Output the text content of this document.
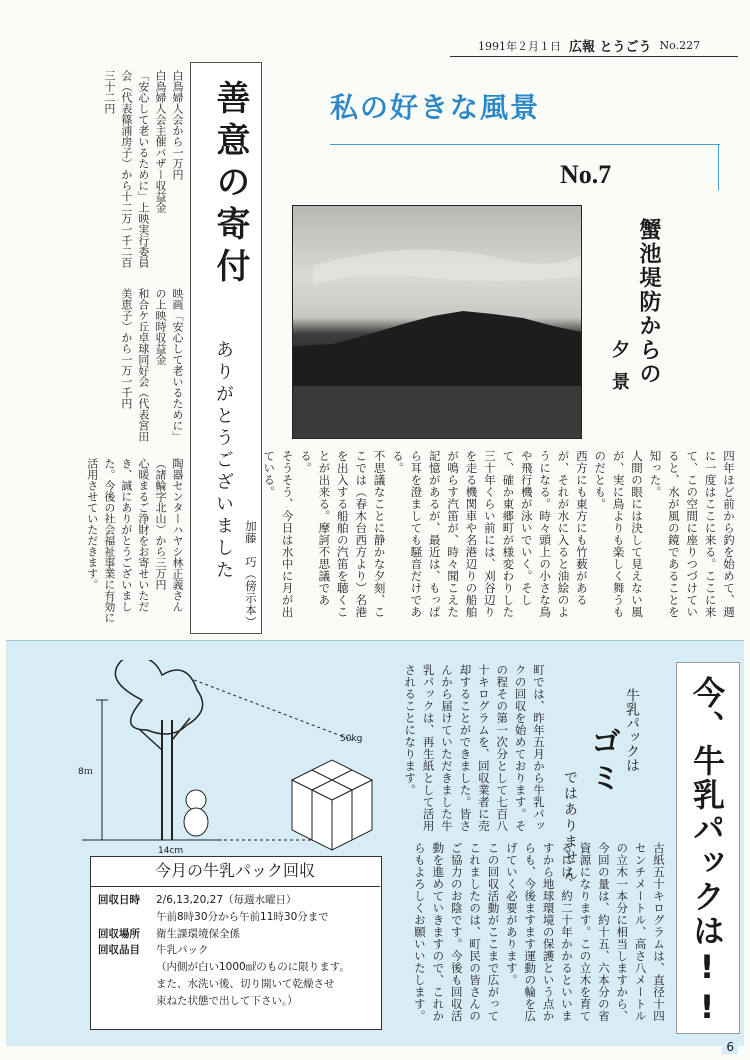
1991年２月１日 広報 とうごう No.227
善意の寄付
ありがとうございました
白鳥婦人会から一万円
白鳥婦人会主催バザー収益金
「安心して老いるために」上映実行委員会（代表篠浦房子）から十二万一千二百三十二円
映画「安心して老いるために」の上映時収益金
和合ケ丘卓球同好会（代表宮田美恵子）から一万一千円
陶器センターハヤシ林正義さん（諸輪字北山）から三万円
心暖まるご浄財をお寄せいただき、誠にありがとうございました。今後の社会福祉事業に有効に活用させていただきます。
私の好きな風景
No.7
蟹池堤防からの
夕景

四年ほど前から釣を始めて、週に一度はここに来る。ここに来て、この空間に座りつづけていると、水が風の鏡であることを知った。

人間の眼には決して見えない風が、実に鳥よりも楽しく舞うものだとも。

西方にも東方にも竹薮があるが、それが水に入ると油絵のようになる。時々頭上の小さな鳥や飛行機が泳いでいく。そして、確か東郷町が様変わりした三十年くらい前には、刈谷辺りを走る機関車や名港辺りの船舶が鳴らす汽笛が、時々聞こえた記憶があるが、最近は、もっぱら耳を澄ましても騒音だけである。

不思議なことに静かな夕刻、ここでは（春木台西方より）名港を出入する船舶の汽笛を聴くことが出来る。摩訶不思議である。

そうそう、今日は水中に月が出ている。

加藤　巧（傍示本）

50kg
8ｍ
14cm
今月の牛乳パック回収
回収日時 2/6,13,20,27（毎週水曜日）
午前8時30分から午前11時30分まで
回収場所 衛生課環境保全係
回収品目 牛乳パック
（内側が白い1000㎖のものに限ります。
また、水洗い後、切り開いて乾燥させ
束ねた状態で出して下さい。）
町では、昨年五月から牛乳パックの回収を始めております。その程その第一次分として七百八十キログラムを、回収業者に売却することができました。皆さんから届けていただきました牛乳パックは、再生紙として活用されることになります。	牛乳パックは
ゴミ
ではありません

古紙五十キログラムは、直径十四センチメートル、高さ八メートルの立木一本分に相当しますから、今回の量は、約十五、六本分の省資源になります。この立木を育てるには、約二十年かかるといいますから地球環境の保護という点からも、今後ますます運動の輪を広げていく必要があります。

この回収活動がここまで広がってこれましたのは、町民の皆さんのご協力のお陰です。今後も回収活動を進めていきますので、これからもよろしくお願いいたします。	今、牛乳パックは!!
6
